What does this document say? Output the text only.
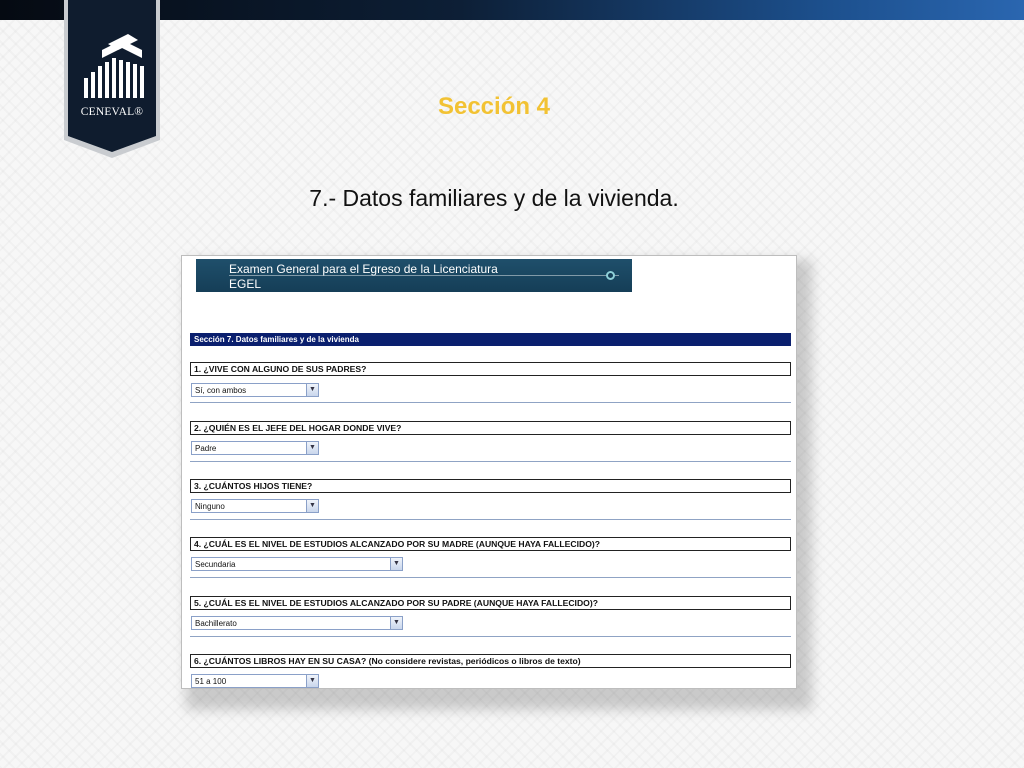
CENEVAL®	Sección 4
7.- Datos familiares y de la vivienda.
Examen General para el Egreso de la Licenciatura
EGEL
Sección 7. Datos familiares y de la vivienda
1. ¿VIVE CON ALGUNO DE SUS PADRES?
Sí, con ambos	▼
2. ¿QUIÉN ES EL JEFE DEL HOGAR DONDE VIVE?
Padre	▼
3. ¿CUÁNTOS HIJOS TIENE?
Ninguno	▼
4. ¿CUÁL ES EL NIVEL DE ESTUDIOS ALCANZADO POR SU MADRE (AUNQUE HAYA FALLECIDO)?
Secundaria	▼
5. ¿CUÁL ES EL NIVEL DE ESTUDIOS ALCANZADO POR SU PADRE (AUNQUE HAYA FALLECIDO)?
Bachillerato	▼
6. ¿CUÁNTOS LIBROS HAY EN SU CASA? (No considere revistas, periódicos o libros de texto)
51 a 100	▼
